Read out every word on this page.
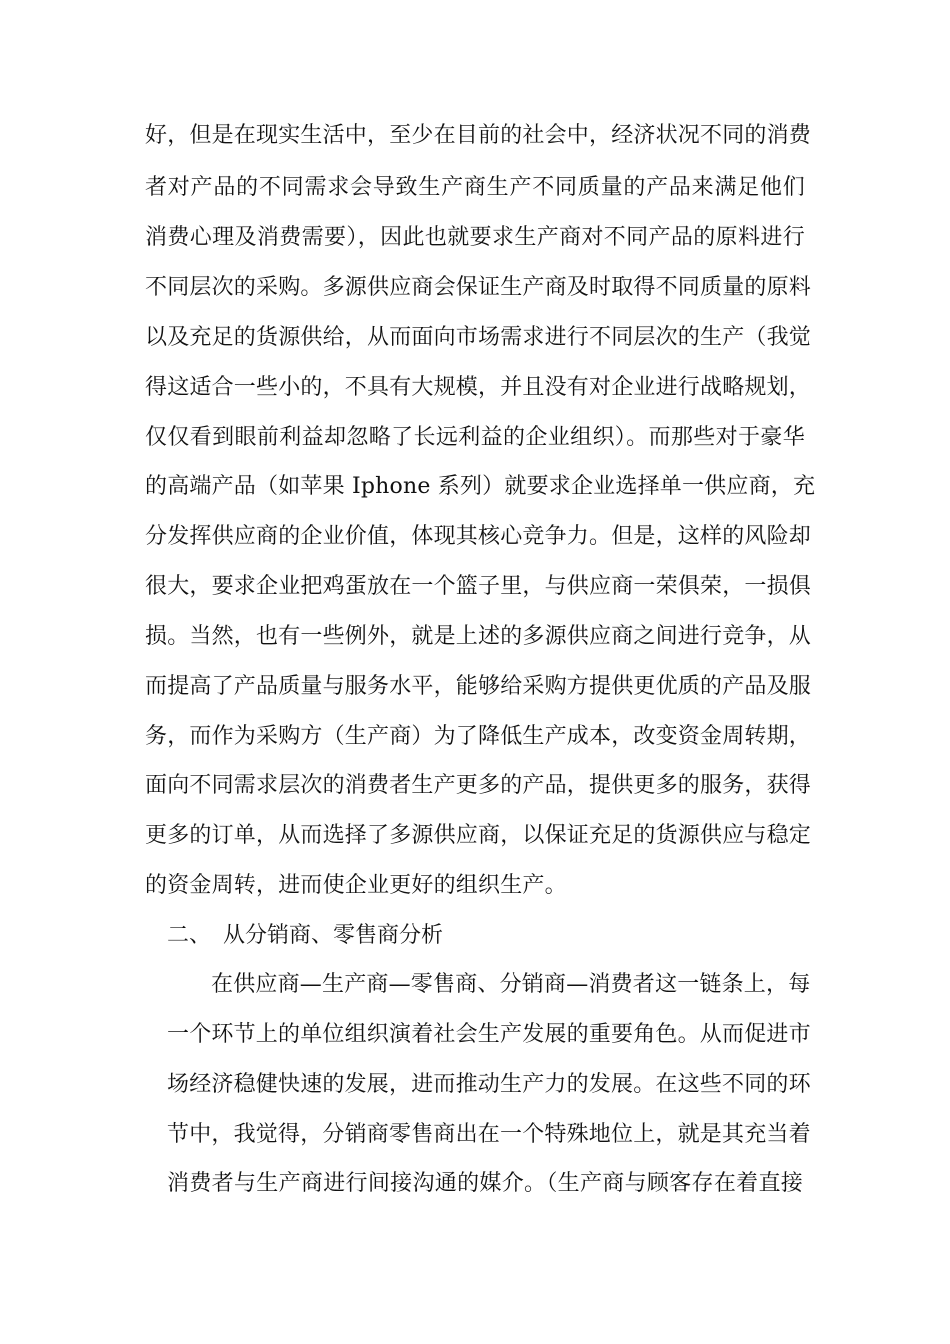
好，但是在现实生活中，至少在目前的社会中，经济状况不同的消费
者对产品的不同需求会导致生产商生产不同质量的产品来满足他们
消费心理及消费需要），因此也就要求生产商对不同产品的原料进行
不同层次的采购。多源供应商会保证生产商及时取得不同质量的原料
以及充足的货源供给，从而面向市场需求进行不同层次的生产（我觉
得这适合一些小的，不具有大规模，并且没有对企业进行战略规划，
仅仅看到眼前利益却忽略了长远利益的企业组织）。而那些对于豪华
的高端产品（如苹果 Iphone 系列）就要求企业选择单一供应商，充
分发挥供应商的企业价值，体现其核心竞争力。但是，这样的风险却
很大，要求企业把鸡蛋放在一个篮子里，与供应商一荣俱荣，一损俱
损。当然，也有一些例外，就是上述的多源供应商之间进行竞争，从
而提高了产品质量与服务水平，能够给采购方提供更优质的产品及服
务，而作为采购方（生产商）为了降低生产成本，改变资金周转期，
面向不同需求层次的消费者生产更多的产品，提供更多的服务，获得
更多的订单，从而选择了多源供应商，以保证充足的货源供应与稳定
的资金周转，进而使企业更好的组织生产。
二、 从分销商、零售商分析
在供应商—生产商—零售商、分销商—消费者这一链条上，每
一个环节上的单位组织演着社会生产发展的重要角色。从而促进市
场经济稳健快速的发展，进而推动生产力的发展。在这些不同的环
节中，我觉得，分销商零售商出在一个特殊地位上，就是其充当着
消费者与生产商进行间接沟通的媒介。（生产商与顾客存在着直接
